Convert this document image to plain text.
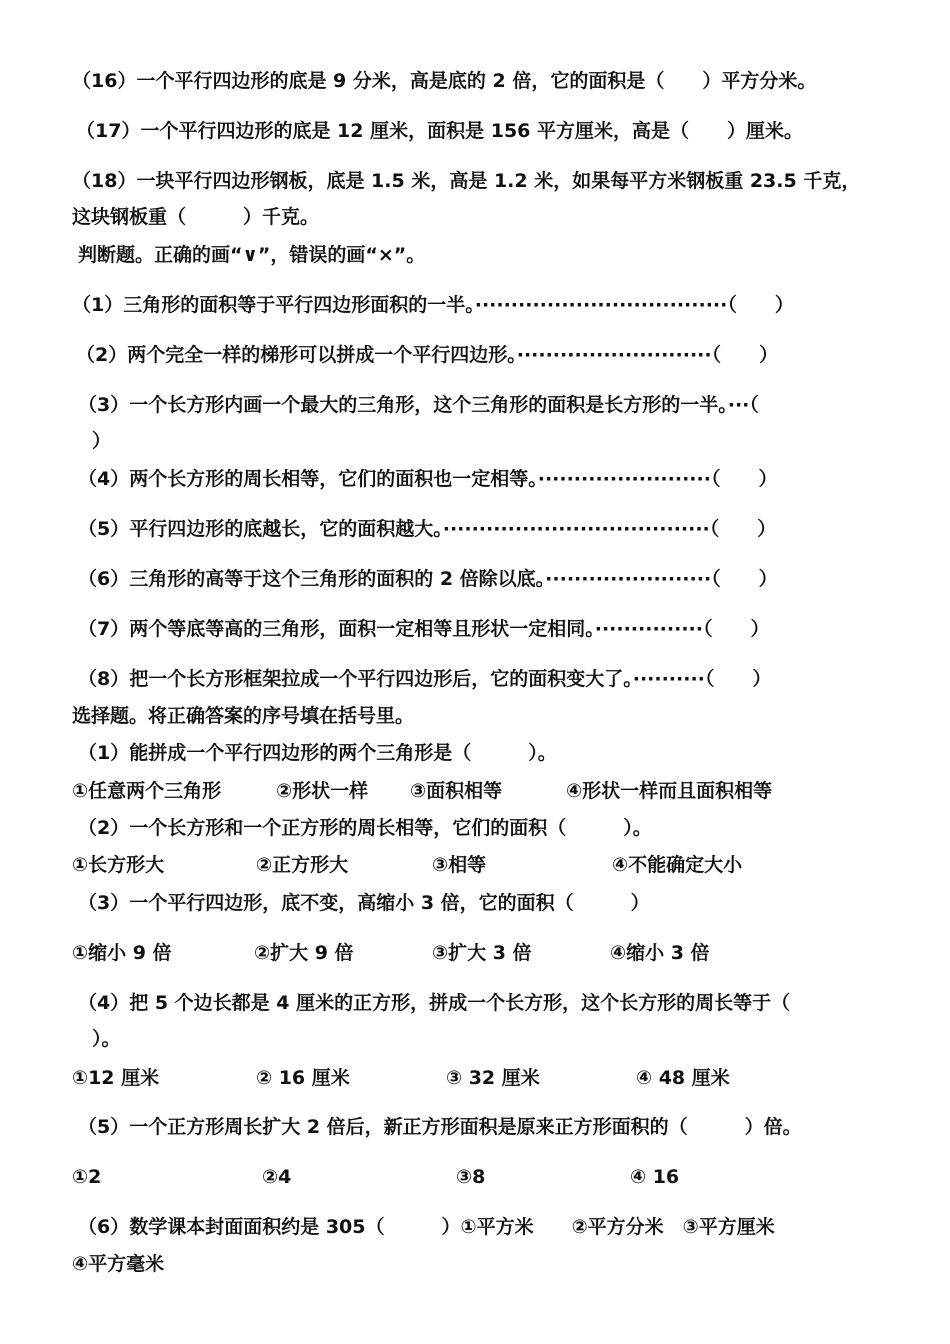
（16）一个平行四边形的底是 9 分米，高是底的 2 倍，它的面积是（　　）平方分米。
（17）一个平行四边形的底是 12 厘米，面积是 156 平方厘米，高是（　　）厘米。
（18）一块平行四边形钢板，底是 1.5 米，高是 1.2 米，如果每平方米钢板重 23.5 千克，
这块钢板重（　　　）千克。
判断题。正确的画“∨”，错误的画“×”。
（1）三角形的面积等于平行四边形面积的一半。···································（　　）
（2）两个完全一样的梯形可以拼成一个平行四边形。···························（　　）
（3）一个长方形内画一个最大的三角形，这个三角形的面积是长方形的一半。···（
）
（4）两个长方形的周长相等，它们的面积也一定相等。························（　　）
（5）平行四边形的底越长，它的面积越大。·····································（　　）
（6）三角形的高等于这个三角形的面积的 2 倍除以底。·······················（　　）
（7）两个等底等高的三角形，面积一定相等且形状一定相同。···············（　　）
（8）把一个长方形框架拉成一个平行四边形后，它的面积变大了。··········（　　）
选择题。将正确答案的序号填在括号里。
（1）能拼成一个平行四边形的两个三角形是（　　　）。
①任意两个三角形	②形状一样 ③面积相等	④形状一样而且面积相等
（2）一个长方形和一个正方形的周长相等，它们的面积（　　　）。
①长方形大	②正方形大	③相等	④不能确定大小
（3）一个平行四边形，底不变，高缩小 3 倍，它的面积（　　　）
①缩小 9 倍	②扩大 9 倍	③扩大 3 倍	④缩小 3 倍
（4）把 5 个边长都是 4 厘米的正方形，拼成一个长方形，这个长方形的周长等于（
）。
①12 厘米	② 16 厘米	③ 32 厘米	④ 48 厘米
（5）一个正方形周长扩大 2 倍后，新正方形面积是原来正方形面积的（　　　）倍。
①2	②4	③8	④ 16
（6）数学课本封面面积约是 305（　　　）①平方米　　②平方分米　③平方厘米
④平方毫米
